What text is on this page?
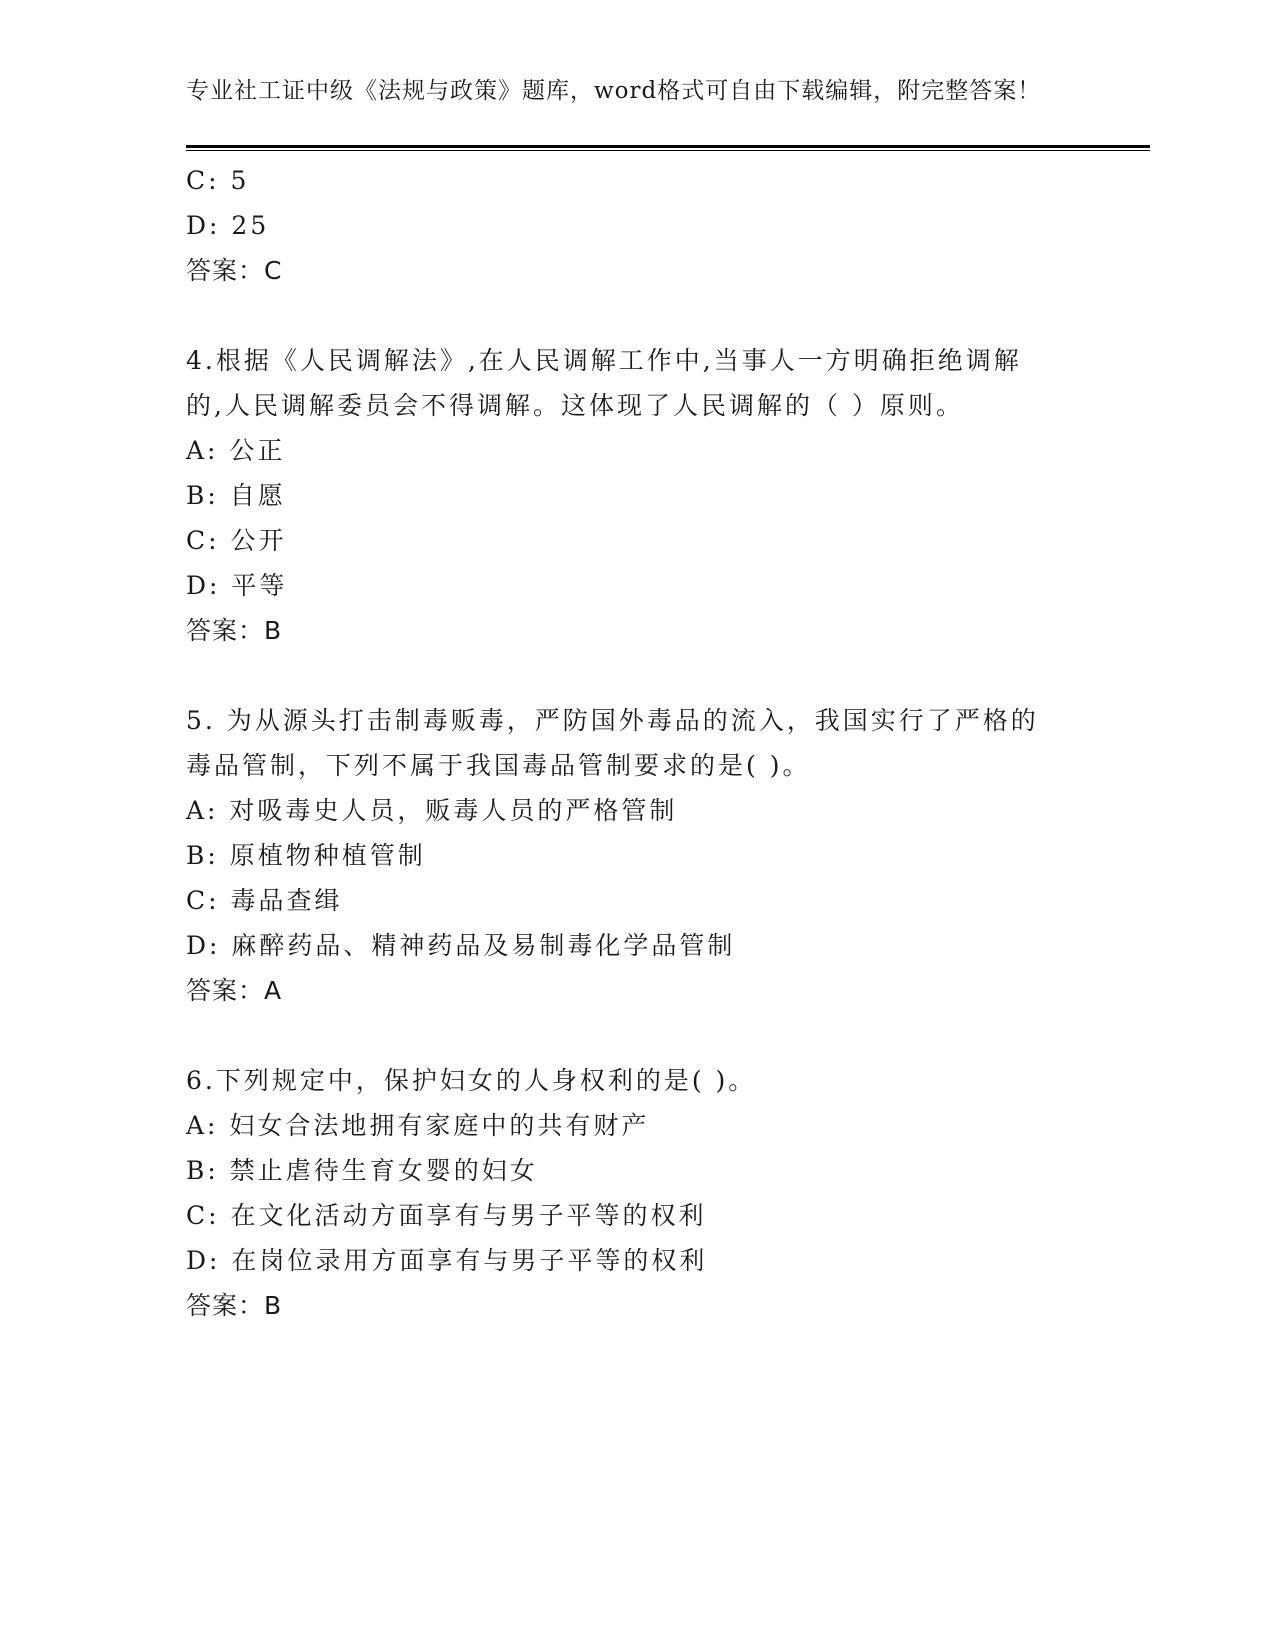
专业社工证中级《法规与政策》题库，word格式可自由下载编辑，附完整答案！
C: 5
D: 25
答案：C
4.根据《人民调解法》,在人民调解工作中,当事人一方明确拒绝调解
的,人民调解委员会不得调解。这体现了人民调解的（ ）原则。
A: 公正
B: 自愿
C: 公开
D: 平等
答案：B
5. 为从源头打击制毒贩毒，严防国外毒品的流入，我国实行了严格的
毒品管制，下列不属于我国毒品管制要求的是( )。
A: 对吸毒史人员，贩毒人员的严格管制
B: 原植物种植管制
C: 毒品查缉
D: 麻醉药品、精神药品及易制毒化学品管制
答案：A
6.下列规定中，保护妇女的人身权利的是( )。
A: 妇女合法地拥有家庭中的共有财产
B: 禁止虐待生育女婴的妇女
C: 在文化活动方面享有与男子平等的权利
D: 在岗位录用方面享有与男子平等的权利
答案：B
